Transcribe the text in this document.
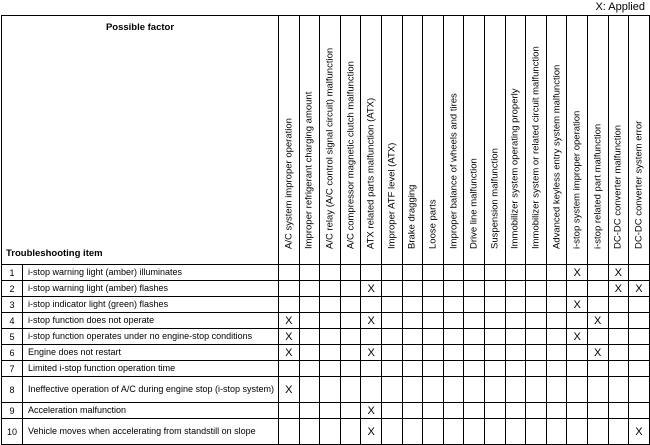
X: Applied
Possible factor
Troubleshooting item		A/C system improper operation	Improper refrigerant charging amount	A/C relay (A/C control signal circuit) malfunction	A/C compressor magnetic clutch malfunction	ATX related parts malfunction (ATX)	Improper ATF level (ATX)	Brake dragging	Loose parts	Improper balance of wheels and tires	Drive line malfunction	Suspension malfunction	Immobilizer system operating properly	Immobilizer system or related circuit malfunction	Advanced keyless entry system malfunction	i-stop system improper operation	i-stop related part malfunction	DC-DC converter malfunction	DC-DC converter system error

1	i-stop warning light (amber) illuminates															X		X	
2	i-stop warning light (amber) flashes					X												X	X
3	i-stop indicator light (green) flashes															X			
4	i-stop function does not operate	X				X											X		
5	i-stop function operates under no engine-stop conditions	X														X			
6	Engine does not restart	X				X											X		
7	Limited i-stop function operation time																		
8	Ineffective operation of A/C during engine stop (i-stop system)	X																	
9	Acceleration malfunction					X													
10	Vehicle moves when accelerating from standstill on slope					X													X
